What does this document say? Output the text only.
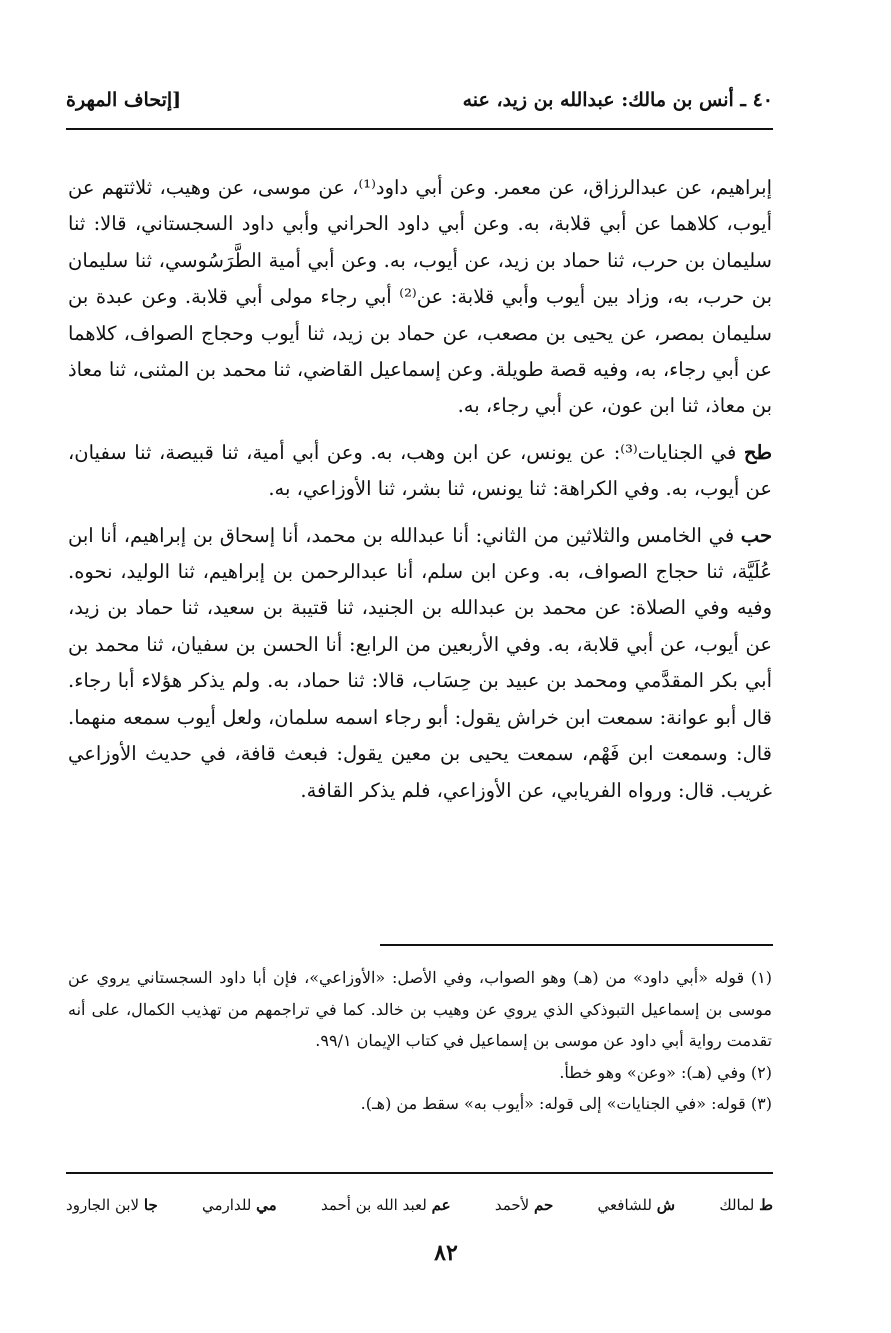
٤٠ ـ أنس بن مالك: عبدالله بن زيد، عنه
[إتحاف المهرة

إبراهيم، عن عبدالرزاق، عن معمر. وعن أبي داود⁽¹⁾، عن موسى، عن وهيب، ثلاثتهم عن أيوب، كلاهما عن أبي قلابة، به. وعن أبي داود الحراني وأبي داود السجستاني، قالا: ثنا سليمان بن حرب، ثنا حماد بن زيد، عن أيوب، به. وعن أبي أمية الطَّرَسُوسي، ثنا سليمان بن حرب، به، وزاد بين أيوب وأبي قلابة: عن⁽²⁾ أبي رجاء مولى أبي قلابة. وعن عبدة بن سليمان بمصر، عن يحيى بن مصعب، عن حماد بن زيد، ثنا أيوب وحجاج الصواف، كلاهما عن أبي رجاء، به، وفيه قصة طويلة. وعن إسماعيل القاضي، ثنا محمد بن المثنى، ثنا معاذ بن معاذ، ثنا ابن عون، عن أبي رجاء، به.

طح في الجنايات⁽³⁾: عن يونس، عن ابن وهب، به. وعن أبي أمية، ثنا قبيصة، ثنا سفيان، عن أيوب، به. وفي الكراهة: ثنا يونس، ثنا بشر، ثنا الأوزاعي، به.

حب في الخامس والثلاثين من الثاني: أنا عبدالله بن محمد، أنا إسحاق بن إبراهيم، أنا ابن عُلَيَّة، ثنا حجاج الصواف، به. وعن ابن سلم، أنا عبدالرحمن بن إبراهيم، ثنا الوليد، نحوه. وفيه وفي الصلاة: عن محمد بن عبدالله بن الجنيد، ثنا قتيبة بن سعيد، ثنا حماد بن زيد، عن أيوب، عن أبي قلابة، به. وفي الأربعين من الرابع: أنا الحسن بن سفيان، ثنا محمد بن أبي بكر المقدَّمي ومحمد بن عبيد بن حِسَاب، قالا: ثنا حماد، به. ولم يذكر هؤلاء أبا رجاء. قال أبو عوانة: سمعت ابن خراش يقول: أبو رجاء اسمه سلمان، ولعل أيوب سمعه منهما. قال: وسمعت ابن فَهْم، سمعت يحيى بن معين يقول: فبعث قافة، في حديث الأوزاعي غريب. قال: ورواه الفريابي، عن الأوزاعي، فلم يذكر القافة.

(١) قوله «أبي داود» من (هـ) وهو الصواب، وفي الأصل: «الأوزاعي»، فإن أبا داود السجستاني يروي عن موسى بن إسماعيل التبوذكي الذي يروي عن وهيب بن خالد. كما في تراجمهم من تهذيب الكمال، على أنه تقدمت رواية أبي داود عن موسى بن إسماعيل في كتاب الإيمان ٩٩/١.

(٢) وفي (هـ): «وعن» وهو خطأ.

(٣) قوله: «في الجنايات» إلى قوله: «أيوب به» سقط من (هـ).

ط لمالك
ش للشافعي
حم لأحمد
عم لعبد الله بن أحمد
مي للدارمي
جا لابن الجارود
٨٢
